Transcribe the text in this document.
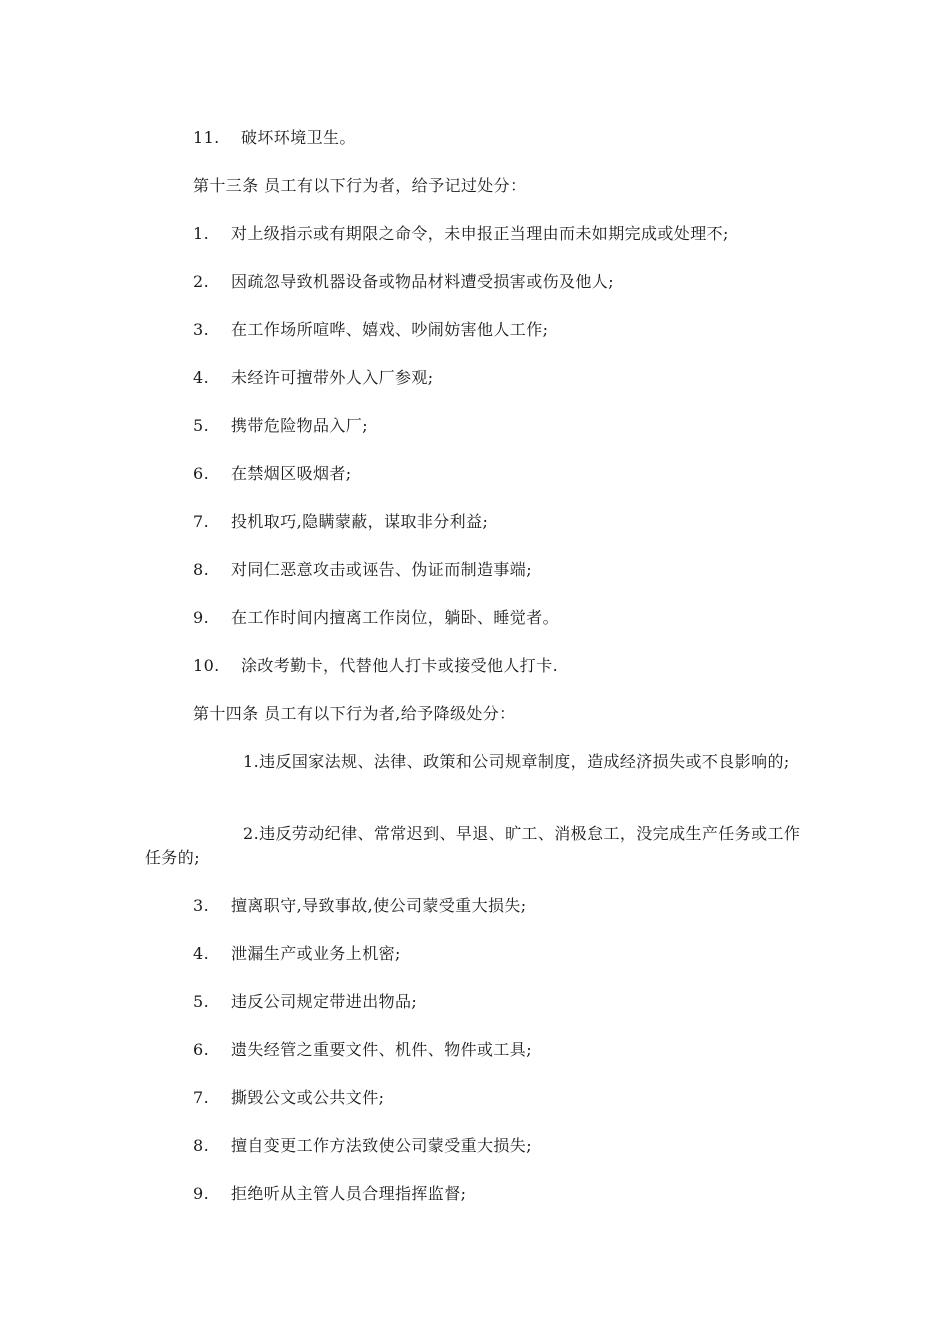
11. 破坏环境卫生。

第十三条 员工有以下行为者，给予记过处分：

1. 对上级指示或有期限之命令，未申报正当理由而未如期完成或处理不;

2. 因疏忽导致机器设备或物品材料遭受损害或伤及他人;

3. 在工作场所喧哗、嬉戏、吵闹妨害他人工作;

4. 未经许可擅带外人入厂参观;

5. 携带危险物品入厂;

6. 在禁烟区吸烟者;

7. 投机取巧,隐瞒蒙蔽，谋取非分利益;

8. 对同仁恶意攻击或诬告、伪证而制造事端;

9. 在工作时间内擅离工作岗位，躺卧、睡觉者。

10. 涂改考勤卡，代替他人打卡或接受他人打卡.

第十四条 员工有以下行为者,给予降级处分：

1.违反国家法规、法律、政策和公司规章制度，造成经济损失或不良影响的;

2.违反劳动纪律、常常迟到、早退、旷工、消极怠工，没完成生产任务或工作任务的;

3. 擅离职守,导致事故,使公司蒙受重大损失;

4. 泄漏生产或业务上机密;

5. 违反公司规定带进出物品;

6. 遗失经管之重要文件、机件、物件或工具;

7. 撕毁公文或公共文件;

8. 擅自变更工作方法致使公司蒙受重大损失;

9. 拒绝听从主管人员合理指挥监督;
